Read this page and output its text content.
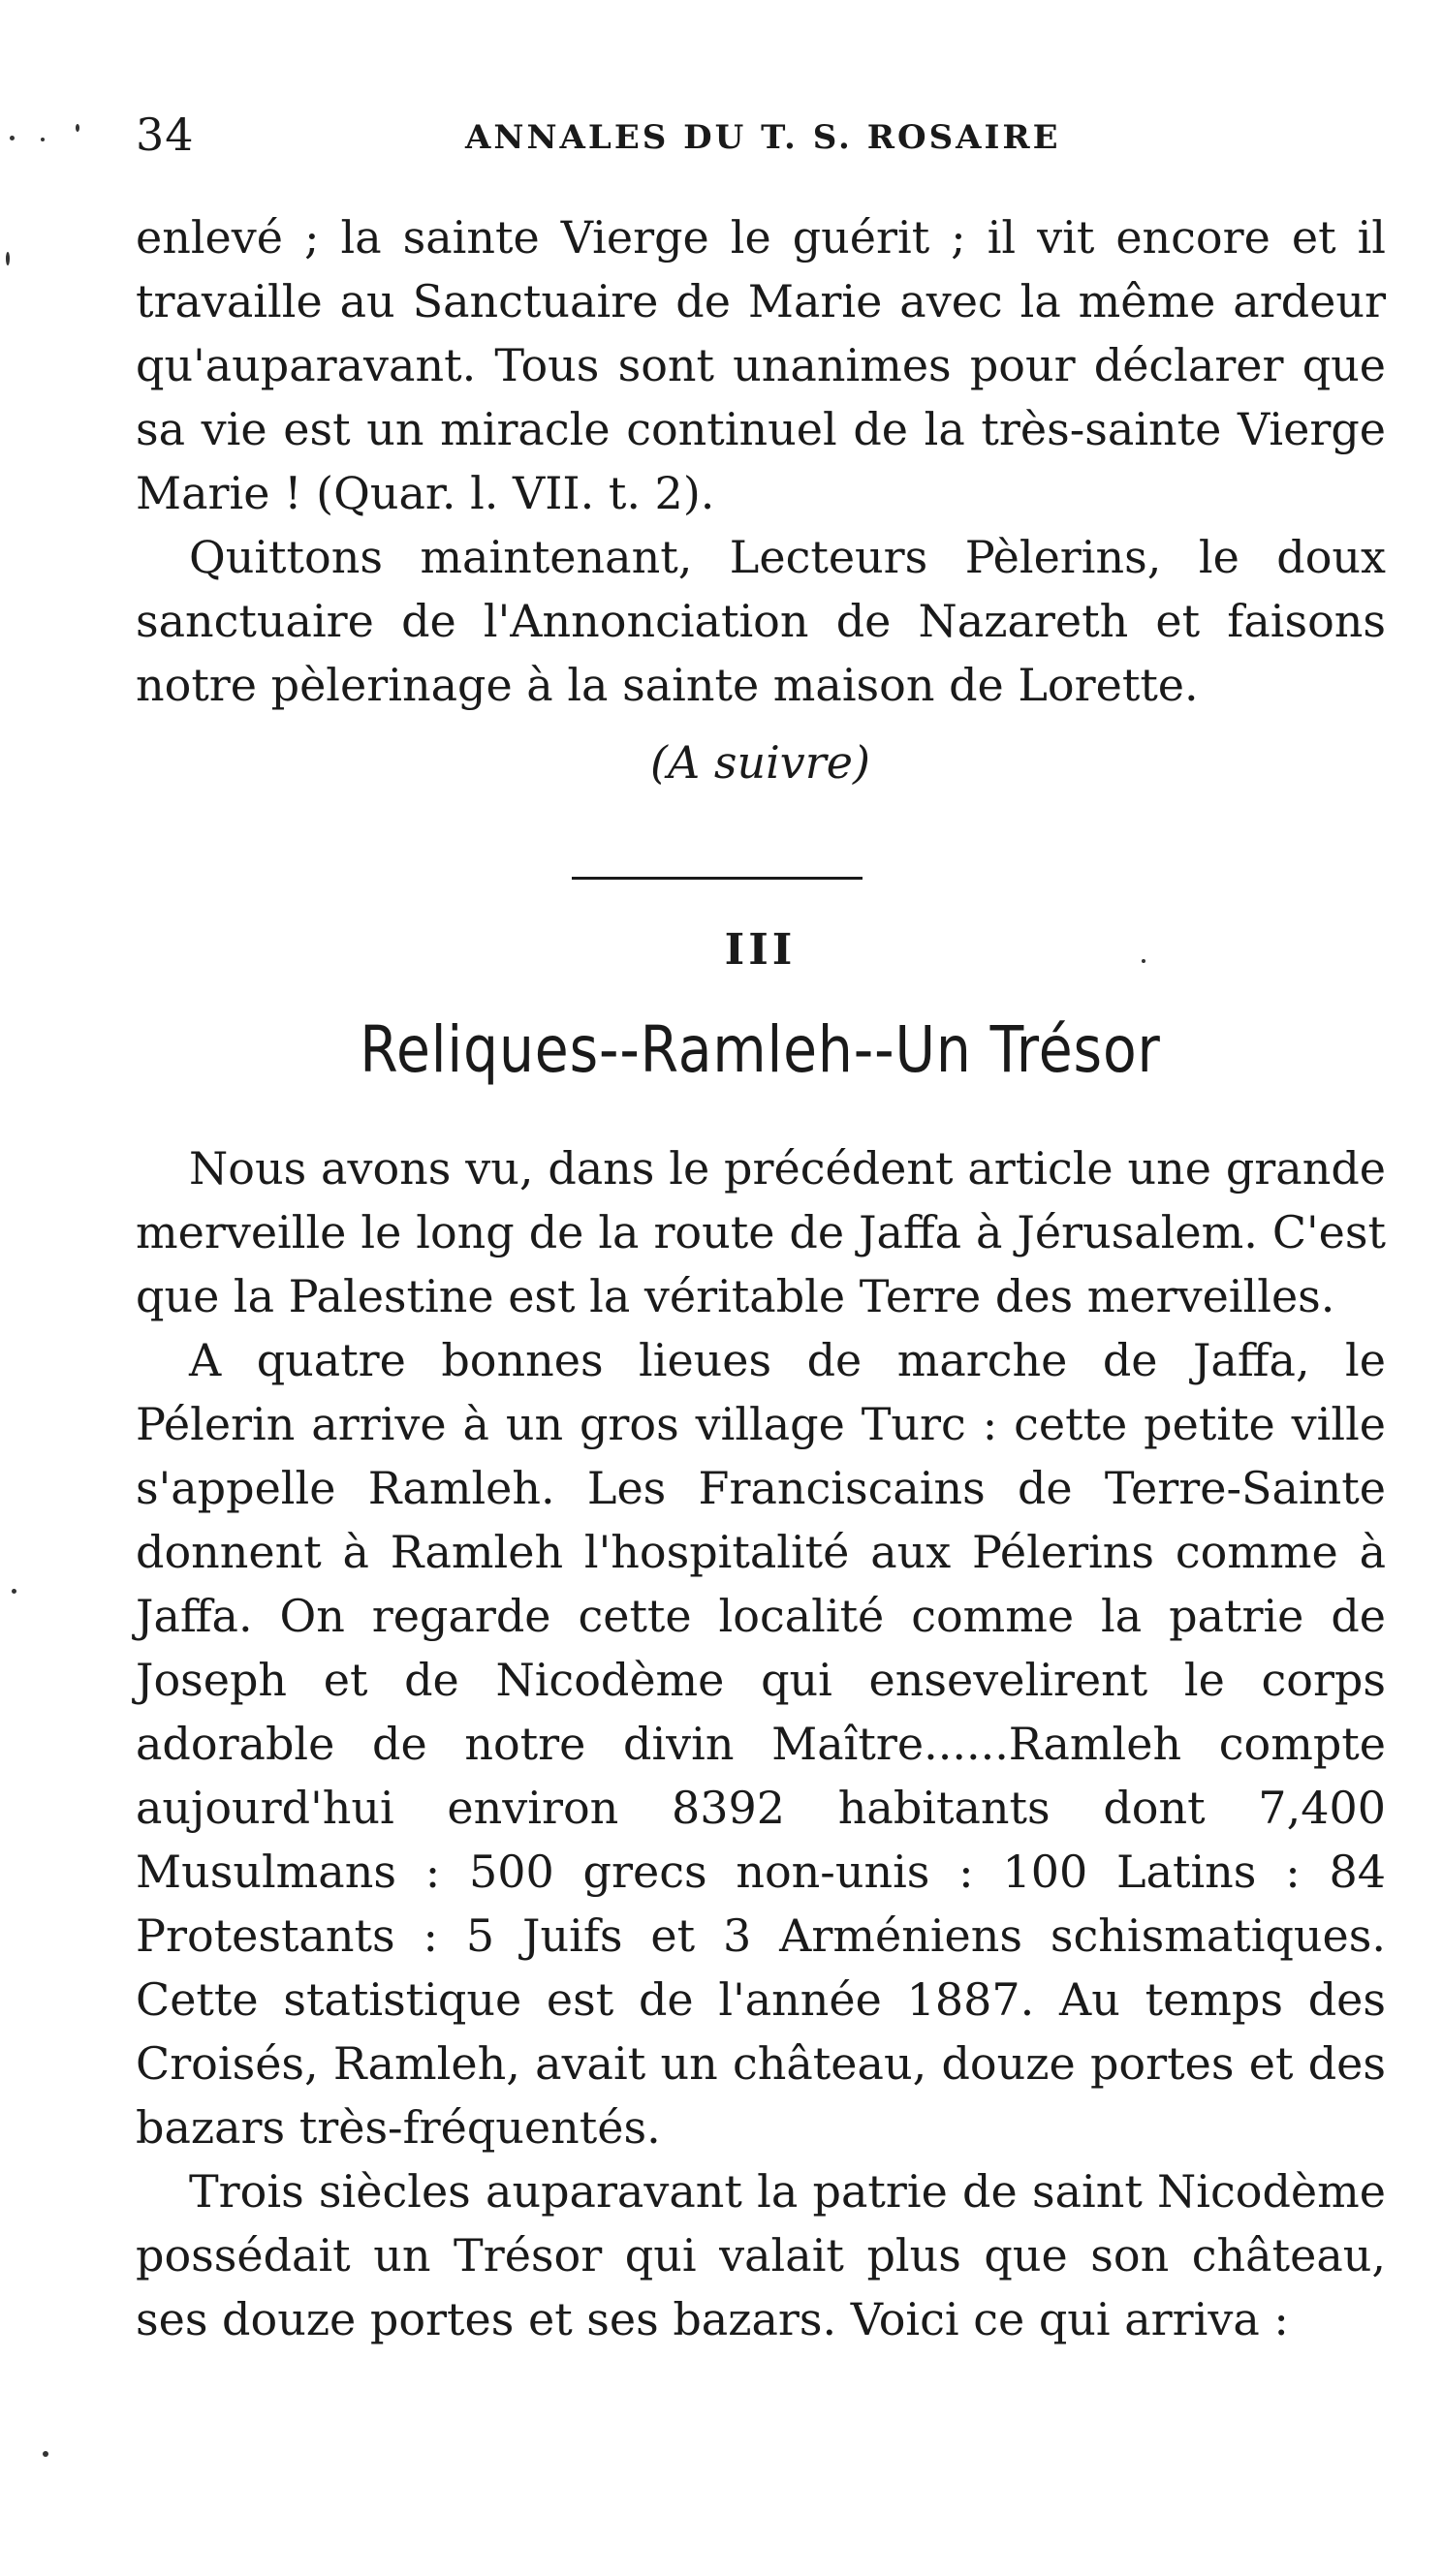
34	ANNALES DU T. S. ROSAIRE

enlevé ; la sainte Vierge le guérit ; il vit encore et il travaille au Sanctuaire de Marie avec la même ardeur qu'auparavant. Tous sont unanimes pour déclarer que sa vie est un miracle continuel de la très-sainte Vierge Marie ! (Quar. l. VII. t. 2).

Quittons maintenant, Lecteurs Pèlerins, le doux sanctuaire de l'Annonciation de Nazareth et faisons notre pèlerinage à la sainte maison de Lorette.

(A suivre)
III
Reliques--Ramleh--Un Trésor

Nous avons vu, dans le précédent article une grande merveille le long de la route de Jaffa à Jérusalem. C'est que la Palestine est la véritable Terre des merveilles.

A quatre bonnes lieues de marche de Jaffa, le Pélerin arrive à un gros village Turc : cette petite ville s'appelle Ramleh. Les Franciscains de Terre-Sainte donnent à Ramleh l'hospitalité aux Pélerins comme à Jaffa. On regarde cette localité comme la patrie de Joseph et de Nicodème qui ensevelirent le corps adorable de notre divin Maître......Ramleh compte aujourd'hui environ 8392 habitants dont 7,400 Musulmans : 500 grecs non-unis : 100 Latins : 84 Protestants : 5 Juifs et 3 Arméniens schismatiques. Cette statistique est de l'année 1887. Au temps des Croisés, Ramleh, avait un château, douze portes et des bazars très-fréquentés.

Trois siècles auparavant la patrie de saint Nicodème possédait un Trésor qui valait plus que son château, ses douze portes et ses bazars. Voici ce qui arriva :
